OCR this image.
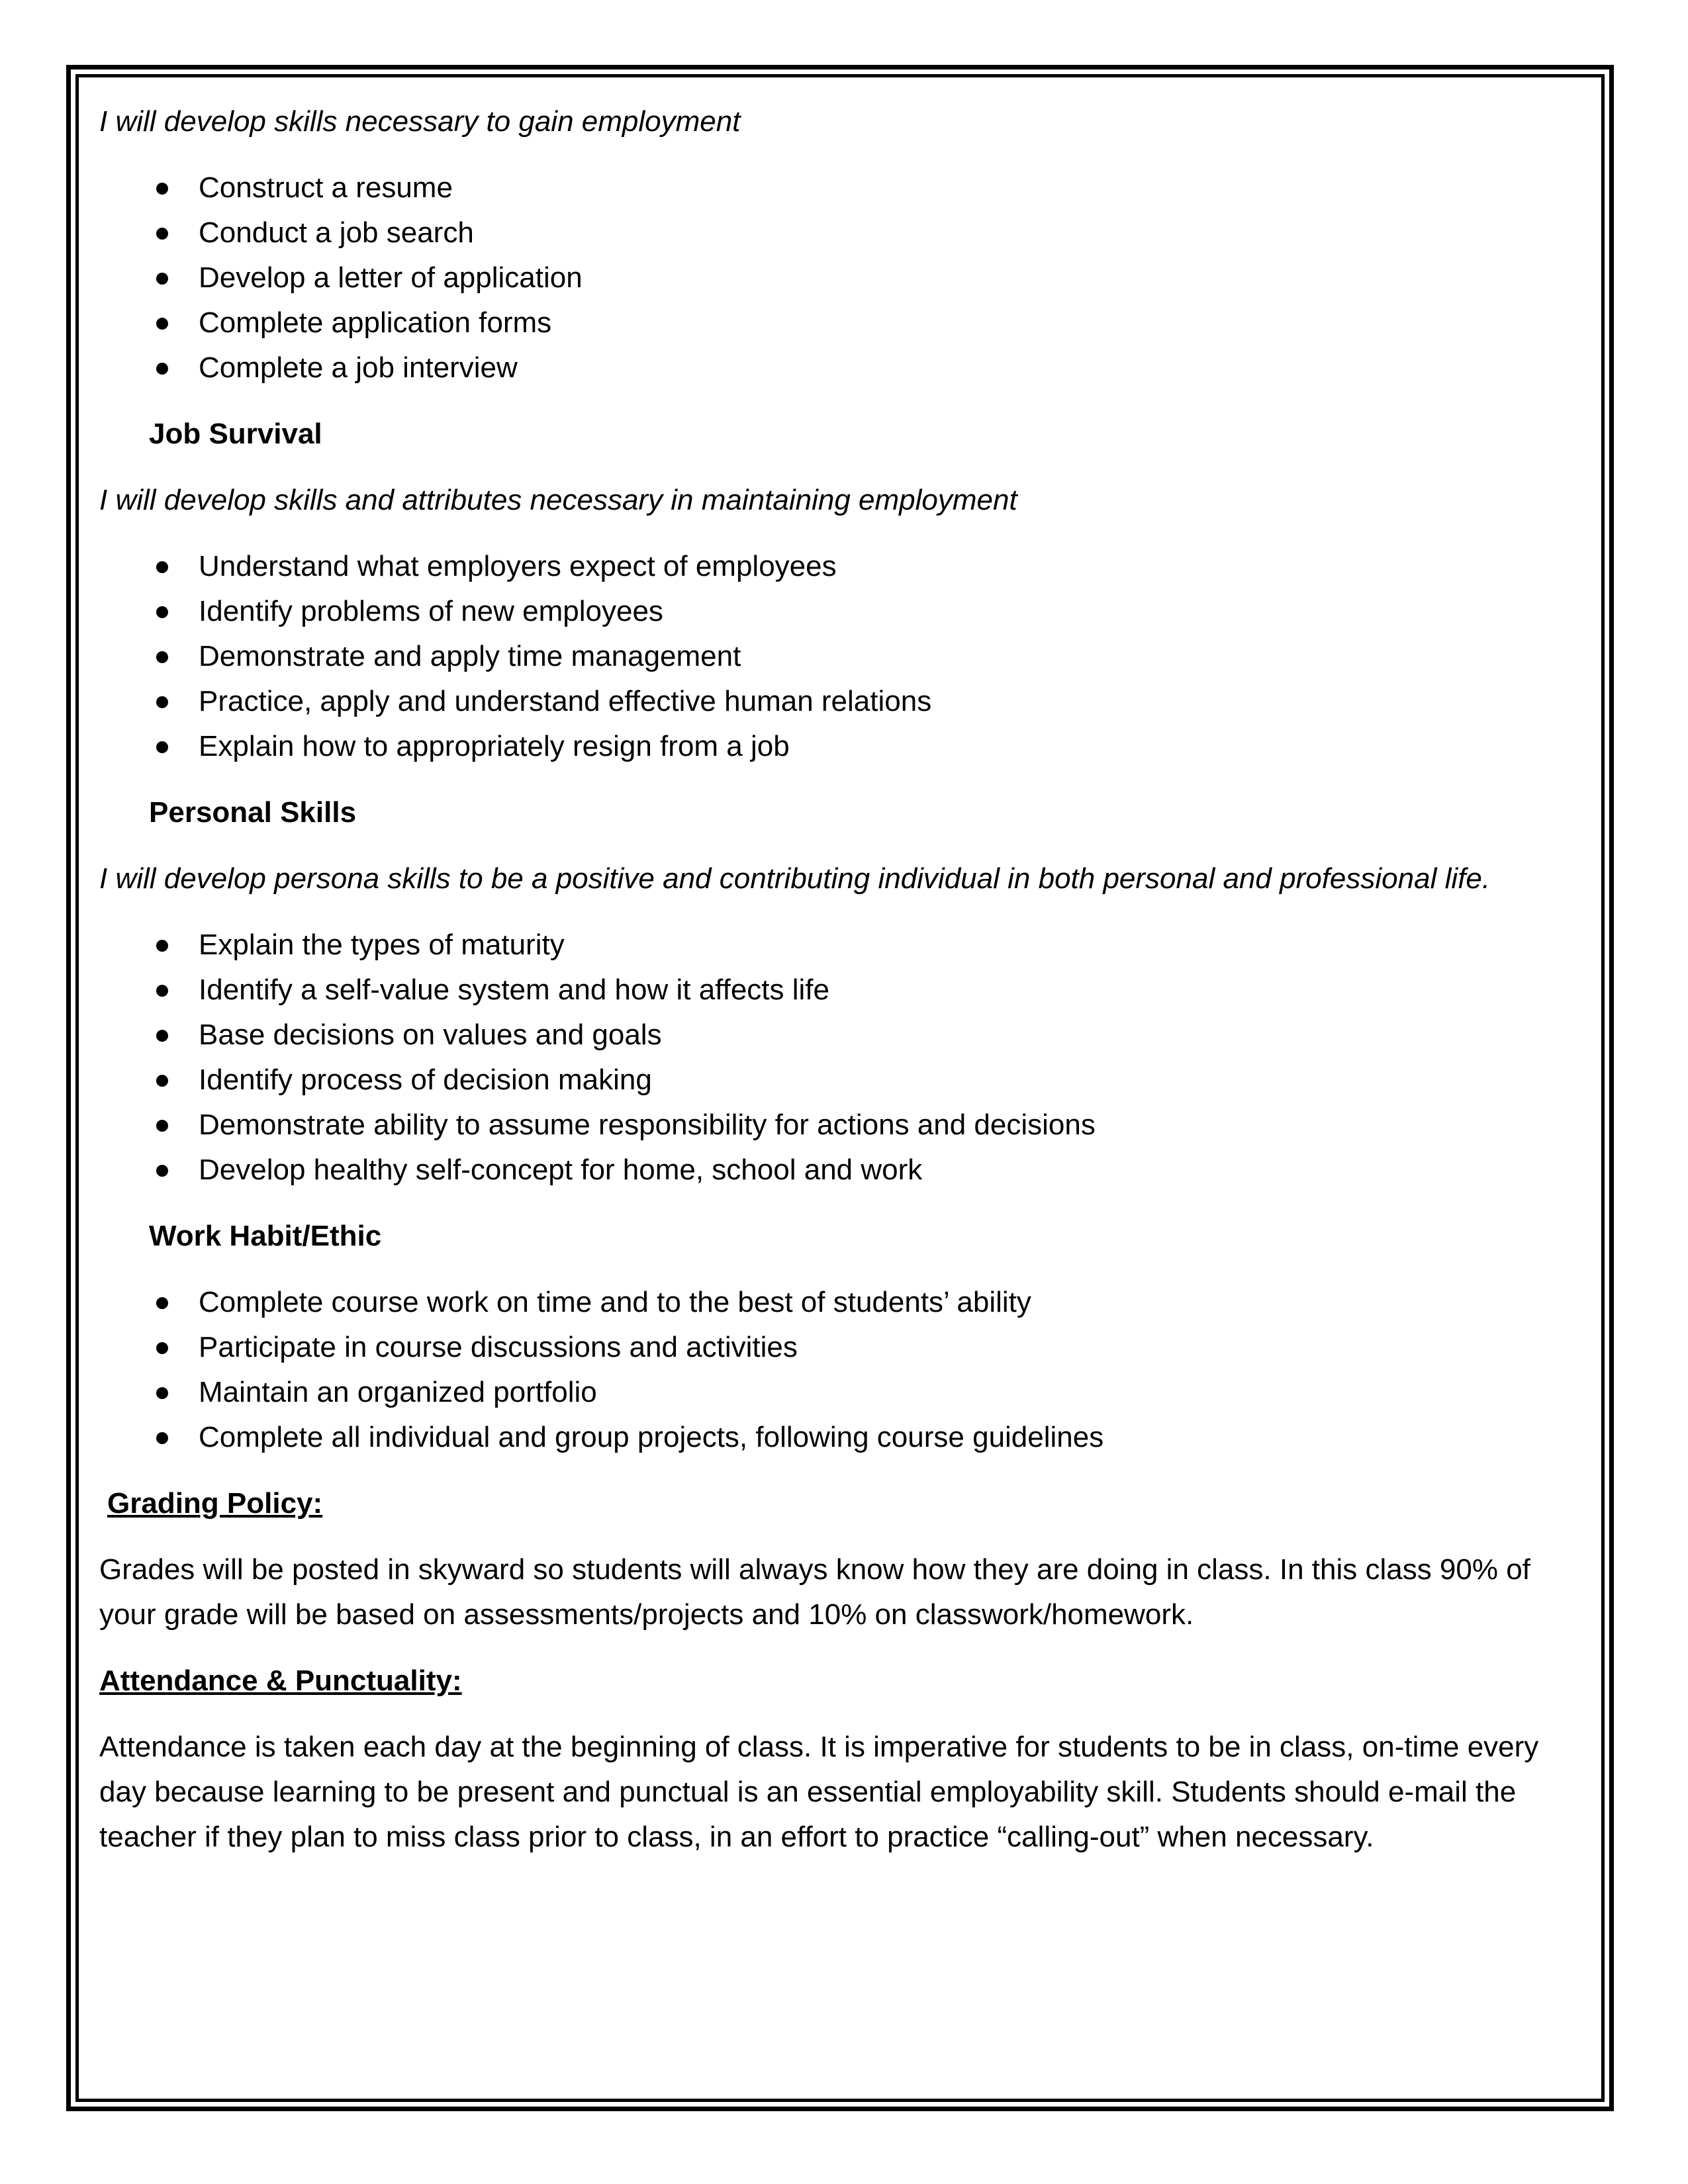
I will develop skills necessary to gain employment
Construct a resume
Conduct a job search
Develop a letter of application
Complete application forms
Complete a job interview
Job Survival
I will develop skills and attributes necessary in maintaining employment
Understand what employers expect of employees
Identify problems of new employees
Demonstrate and apply time management
Practice, apply and understand effective human relations
Explain how to appropriately resign from a job
Personal Skills
I will develop persona skills to be a positive and contributing individual in both personal and professional life.
Explain the types of maturity
Identify a self-value system and how it affects life
Base decisions on values and goals
Identify process of decision making
Demonstrate ability to assume responsibility for actions and decisions
Develop healthy self-concept for home, school and work
Work Habit/Ethic
Complete course work on time and to the best of students’ ability
Participate in course discussions and activities
Maintain an organized portfolio
Complete all individual and group projects, following course guidelines
Grading Policy:
Grades will be posted in skyward so students will always know how they are doing in class. In this class 90% of your grade will be based on assessments/projects and 10% on classwork/homework.
Attendance & Punctuality:
Attendance is taken each day at the beginning of class. It is imperative for students to be in class, on-time every day because learning to be present and punctual is an essential employability skill. Students should e-mail the teacher if they plan to miss class prior to class, in an effort to practice “calling-out” when necessary.
